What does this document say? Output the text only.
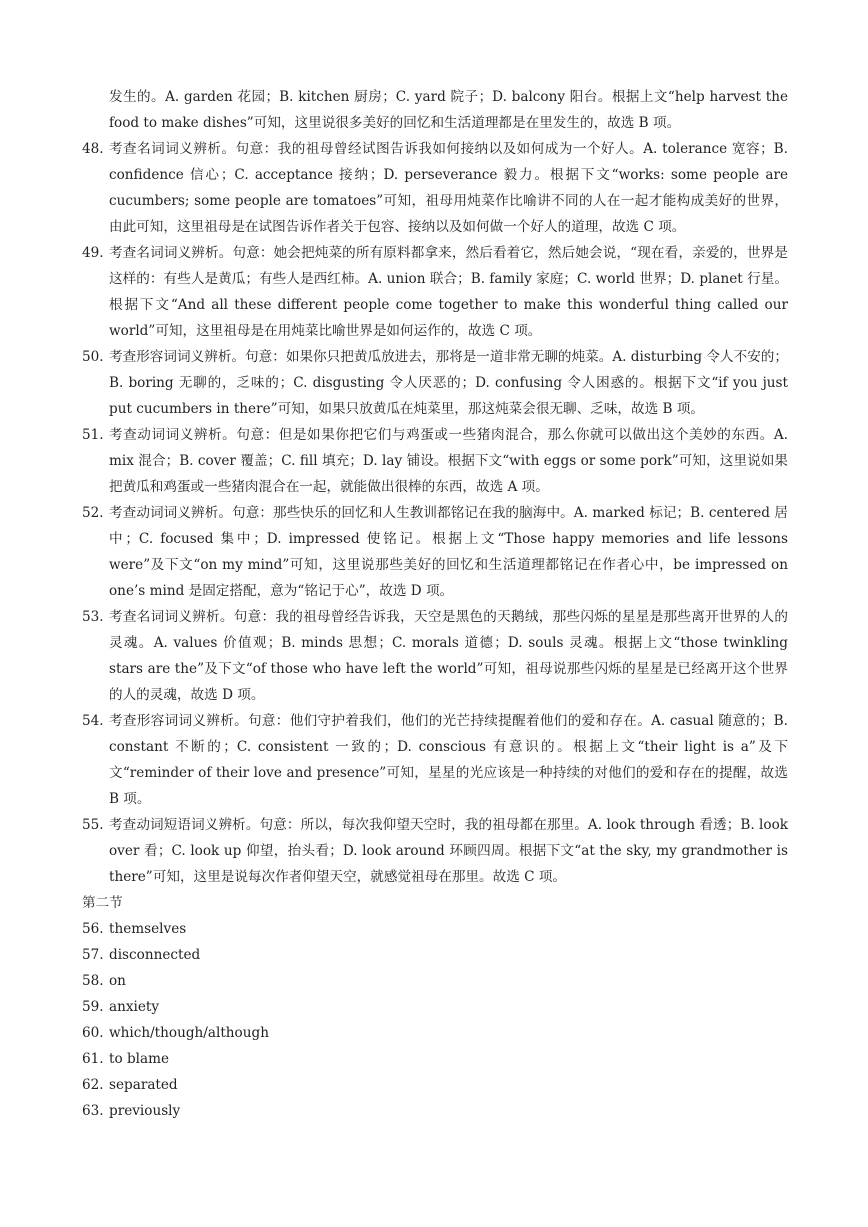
发生的。A. garden 花园；B. kitchen 厨房；C. yard 院子；D. balcony 阳台。根据上文“help harvest the food to make dishes”可知，这里说很多美好的回忆和生活道理都是在里发生的，故选 B 项。

48. 考查名词词义辨析。句意：我的祖母曾经试图告诉我如何接纳以及如何成为一个好人。A. tolerance 宽容；B. confidence 信心；C. acceptance 接纳；D. perseverance 毅力。根据下文“works: some people are cucumbers; some people are tomatoes”可知，祖母用炖菜作比喻讲不同的人在一起才能构成美好的世界，由此可知，这里祖母是在试图告诉作者关于包容、接纳以及如何做一个好人的道理，故选 C 项。
49. 考查名词词义辨析。句意：她会把炖菜的所有原料都拿来，然后看着它，然后她会说，“现在看，亲爱的，世界是这样的：有些人是黄瓜；有些人是西红柿。A. union 联合；B. family 家庭；C. world 世界；D. planet 行星。根据下文“And all these different people come together to make this wonderful thing called our world”可知，这里祖母是在用炖菜比喻世界是如何运作的，故选 C 项。
50. 考查形容词词义辨析。句意：如果你只把黄瓜放进去，那将是一道非常无聊的炖菜。A. disturbing 令人不安的；B. boring 无聊的，乏味的；C. disgusting 令人厌恶的；D. confusing 令人困惑的。根据下文“if you just put cucumbers in there”可知，如果只放黄瓜在炖菜里，那这炖菜会很无聊、乏味，故选 B 项。
51. 考查动词词义辨析。句意：但是如果你把它们与鸡蛋或一些猪肉混合，那么你就可以做出这个美妙的东西。A. mix 混合；B. cover 覆盖；C. fill 填充；D. lay 铺设。根据下文“with eggs or some pork”可知，这里说如果把黄瓜和鸡蛋或一些猪肉混合在一起，就能做出很棒的东西，故选 A 项。
52. 考查动词词义辨析。句意：那些快乐的回忆和人生教训都铭记在我的脑海中。A. marked 标记；B. centered 居中；C. focused 集中；D. impressed 使铭记。根据上文“Those happy memories and life lessons were”及下文“on my mind”可知，这里说那些美好的回忆和生活道理都铭记在作者心中，be impressed on one’s mind 是固定搭配，意为“铭记于心”，故选 D 项。
53. 考查名词词义辨析。句意：我的祖母曾经告诉我，天空是黑色的天鹅绒，那些闪烁的星星是那些离开世界的人的灵魂。A. values 价值观；B. minds 思想；C. morals 道德；D. souls 灵魂。根据上文“those twinkling stars are the”及下文“of those who have left the world”可知，祖母说那些闪烁的星星是已经离开这个世界的人的灵魂，故选 D 项。
54. 考查形容词词义辨析。句意：他们守护着我们，他们的光芒持续提醒着他们的爱和存在。A. casual 随意的；B. constant 不断的；C. consistent 一致的；D. conscious 有意识的。根据上文“their light is a”及下文“reminder of their love and presence”可知，星星的光应该是一种持续的对他们的爱和存在的提醒，故选 B 项。
55. 考查动词短语词义辨析。句意：所以，每次我仰望天空时，我的祖母都在那里。A. look through 看透；B. look over 看；C. look up 仰望，抬头看；D. look around 环顾四周。根据下文“at the sky, my grandmother is there”可知，这里是说每次作者仰望天空，就感觉祖母在那里。故选 C 项。

第二节

56. themselves
57. disconnected
58. on
59. anxiety
60. which/though/although
61. to blame
62. separated
63. previously
